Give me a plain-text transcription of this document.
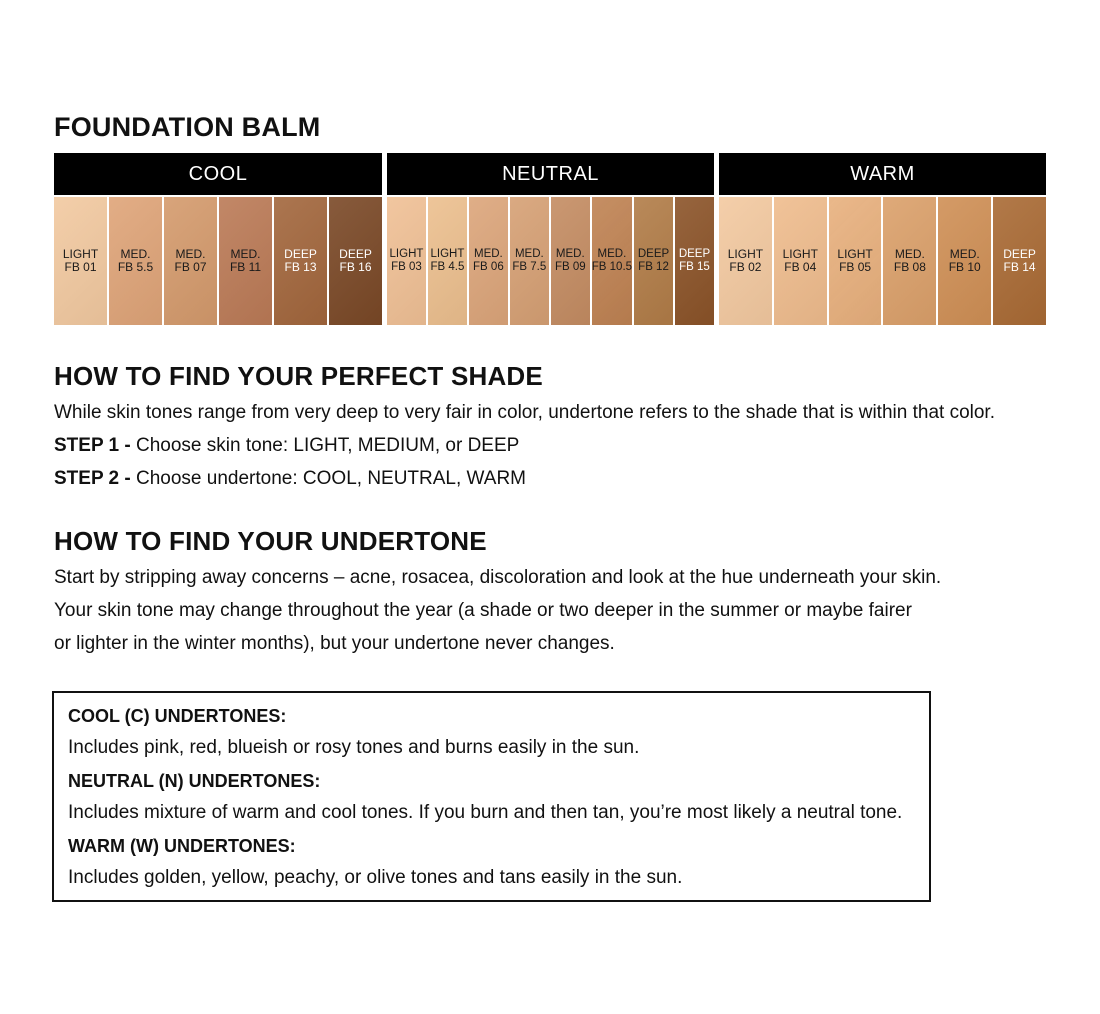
FOUNDATION BALM
COOL
LIGHT
FB 01
MED.
FB 5.5
MED.
FB 07
MED.
FB 11
DEEP
FB 13
DEEP
FB 16
NEUTRAL
LIGHT
FB 03
LIGHT
FB 4.5
MED.
FB 06
MED.
FB 7.5
MED.
FB 09
MED.
FB 10.5
DEEP
FB 12
DEEP
FB 15
WARM
LIGHT
FB 02
LIGHT
FB 04
LIGHT
FB 05
MED.
FB 08
MED.
FB 10
DEEP
FB 14
HOW TO FIND YOUR PERFECT SHADE

While skin tones range from very deep to very fair in color, undertone refers to the shade that is within that color.

STEP 1 - Choose skin tone: LIGHT, MEDIUM, or DEEP

STEP 2 - Choose undertone: COOL, NEUTRAL, WARM

HOW TO FIND YOUR UNDERTONE

Start by stripping away concerns – acne, rosacea, discoloration and look at the hue underneath your skin.

Your skin tone may change throughout the year (a shade or two deeper in the summer or maybe fairer

or lighter in the winter months), but your undertone never changes.

COOL (C) UNDERTONES:

Includes pink, red, blueish or rosy tones and burns easily in the sun.

NEUTRAL (N) UNDERTONES:

Includes mixture of warm and cool tones. If you burn and then tan, you’re most likely a neutral tone.

WARM (W) UNDERTONES:

Includes golden, yellow, peachy, or olive tones and tans easily in the sun.
